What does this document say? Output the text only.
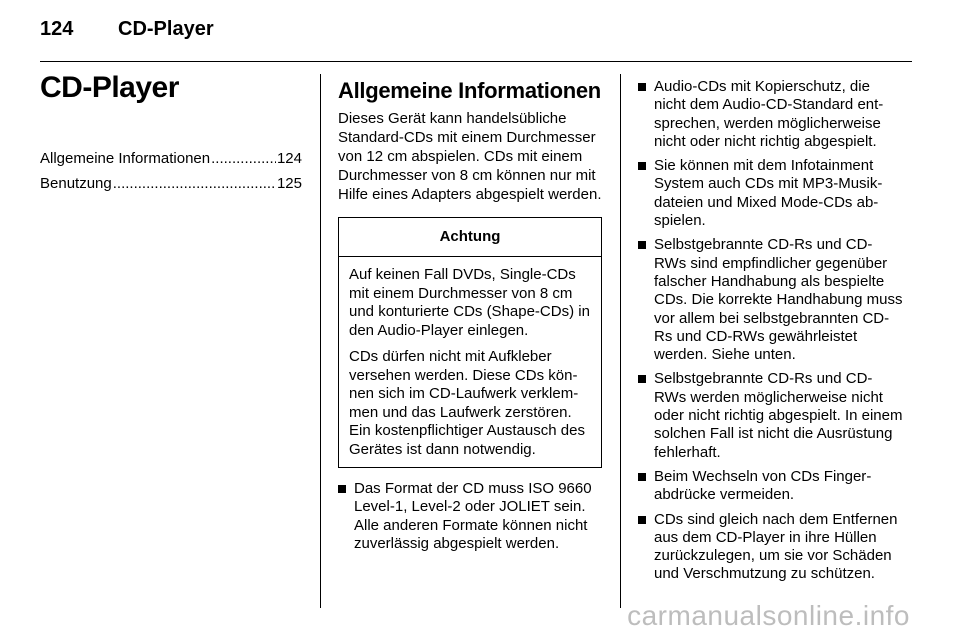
124 CD-Player
CD-Player
Allgemeine Informationen .....	124
Benutzung .....	125
Allgemeine Informationen

Dieses Gerät kann handelsübliche Standard-CDs mit einem Durchmesser von 12 cm abspielen. CDs mit einem Durchmesser von 8 cm können nur mit Hilfe eines Adapters abgespielt werden.

Achtung

Auf keinen Fall DVDs, Single-CDs mit einem Durchmesser von 8 cm und konturierte CDs (Shape-CDs) in den Audio-Player einlegen.

CDs dürfen nicht mit Aufkleber versehen werden. Diese CDs können sich im CD-Laufwerk verklemmen und das Laufwerk zerstören. Ein kostenpflichtiger Austausch des Gerätes ist dann notwendig.

Das Format der CD muss ISO 9660 Level-1, Level-2 oder JOLIET sein. Alle anderen Formate können nicht zuverlässig abgespielt werden.
Audio-CDs mit Kopierschutz, die nicht dem Audio-CD-Standard entsprechen, werden möglicherweise nicht oder nicht richtig abgespielt.
Sie können mit dem Infotainment System auch CDs mit MP3-Musikdateien und Mixed Mode-CDs abspielen.
Selbstgebrannte CD-Rs und CD-RWs sind empfindlicher gegenüber falscher Handhabung als bespielte CDs. Die korrekte Handhabung muss vor allem bei selbstgebrannten CD-Rs und CD-RWs gewährleistet werden. Siehe unten.
Selbstgebrannte CD-Rs und CD-RWs werden möglicherweise nicht oder nicht richtig abgespielt. In einem solchen Fall ist nicht die Ausrüstung fehlerhaft.
Beim Wechseln von CDs Fingerabdrücke vermeiden.
CDs sind gleich nach dem Entfernen aus dem CD-Player in ihre Hüllen zurückzulegen, um sie vor Schäden und Verschmutzung zu schützen.
carmanualsonline.info
